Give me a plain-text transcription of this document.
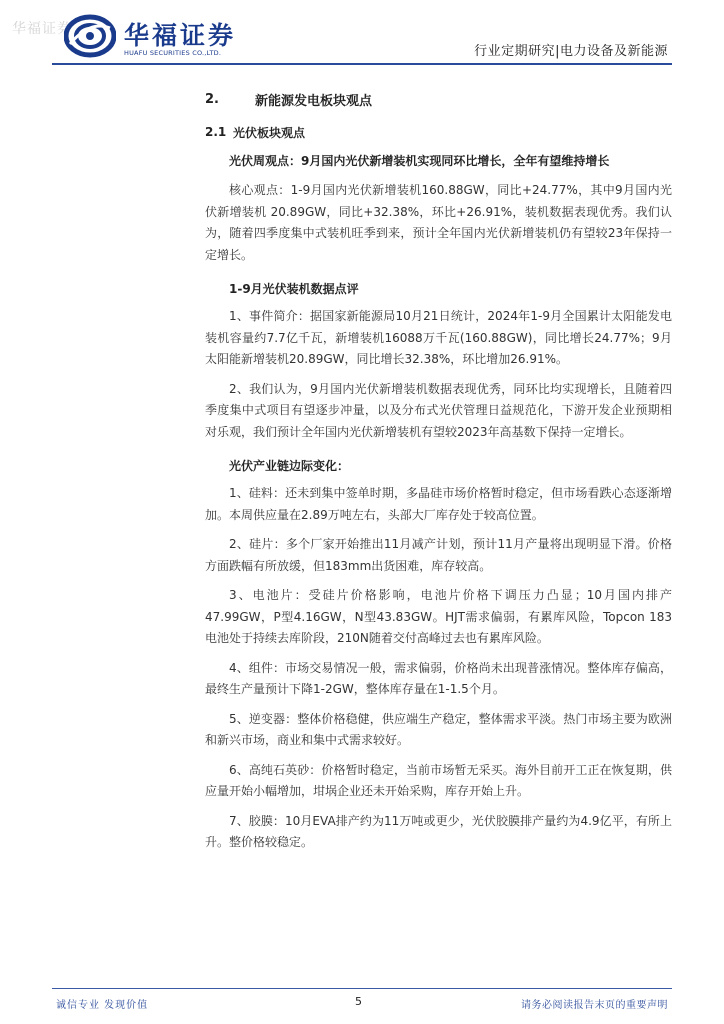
华福证券 华福证券
HUAFU SECURITIES CO.,LTD.	行业定期研究|电力设备及新能源
2.	新能源发电板块观点
2.1 光伏板块观点
光伏周观点：9月国内光伏新增装机实现同环比增长，全年有望维持增长
核心观点：1-9月国内光伏新增装机160.88GW，同比+24.77%，其中9月国内光伏新增装机 20.89GW，同比+32.38%，环比+26.91%，装机数据表现优秀。我们认为，随着四季度集中式装机旺季到来，预计全年国内光伏新增装机仍有望较23年保持一定增长。
1-9月光伏装机数据点评
1、事件简介：据国家新能源局10月21日统计，2024年1-9月全国累计太阳能发电装机容量约7.7亿千瓦，新增装机16088万千瓦(160.88GW)，同比增长24.77%；9月太阳能新增装机20.89GW，同比增长32.38%，环比增加26.91%。
2、我们认为，9月国内光伏新增装机数据表现优秀，同环比均实现增长，且随着四季度集中式项目有望逐步冲量，以及分布式光伏管理日益规范化，下游开发企业预期相对乐观，我们预计全年国内光伏新增装机有望较2023年高基数下保持一定增长。
光伏产业链边际变化：
1、硅料：还未到集中签单时期，多晶硅市场价格暂时稳定，但市场看跌心态逐渐增加。本周供应量在2.89万吨左右，头部大厂库存处于较高位置。
2、硅片：多个厂家开始推出11月减产计划，预计11月产量将出现明显下滑。价格方面跌幅有所放缓，但183mm出货困难，库存较高。
3、电池片：受硅片价格影响，电池片价格下调压力凸显；10月国内排产47.99GW，P型4.16GW，N型43.83GW。HJT需求偏弱，有累库风险，Topcon 183电池处于持续去库阶段，210N随着交付高峰过去也有累库风险。
4、组件：市场交易情况一般，需求偏弱，价格尚未出现普涨情况。整体库存偏高，最终生产量预计下降1-2GW，整体库存量在1-1.5个月。
5、逆变器：整体价格稳健，供应端生产稳定，整体需求平淡。热门市场主要为欧洲和新兴市场，商业和集中式需求较好。
6、高纯石英砂：价格暂时稳定，当前市场暂无采买。海外目前开工正在恢复期，供应量开始小幅增加，坩埚企业还未开始采购，库存开始上升。
7、胶膜：10月EVA排产约为11万吨或更少，光伏胶膜排产量约为4.9亿平，有所上升。整价格较稳定。
诚信专业 发现价值	5	请务必阅读报告末页的重要声明
